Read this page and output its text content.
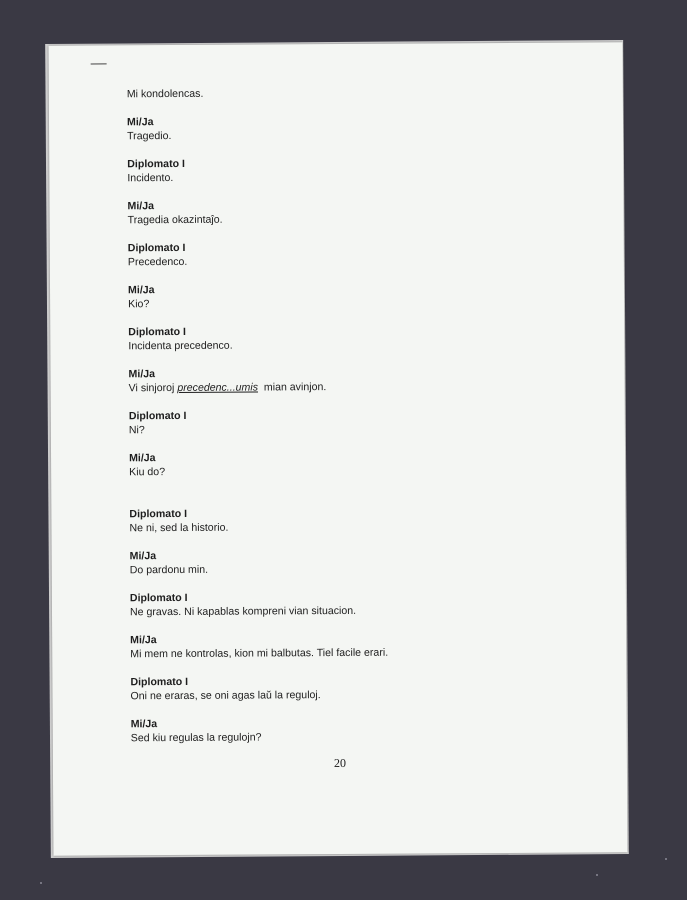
Mi kondolencas.
Mi/Ja
Tragedio.
Diplomato I
Incidento.
Mi/Ja
Tragedia okazintaĵo.
Diplomato I
Precedenco.
Mi/Ja
Kio?
Diplomato I
Incidenta precedenco.
Mi/Ja
Vi sinjoroj precedenc...umis  mian avinjon.
Diplomato I
Ni?
Mi/Ja
Kiu do?
Diplomato I
Ne ni, sed la historio.
Mi/Ja
Do pardonu min.
Diplomato I
Ne gravas. Ni kapablas kompreni vian situacion.
Mi/Ja
Mi mem ne kontrolas, kion mi balbutas. Tiel facile erari.
Diplomato I
Oni ne eraras, se oni agas laŭ la reguloj.
Mi/Ja
Sed kiu regulas la regulojn?
20
